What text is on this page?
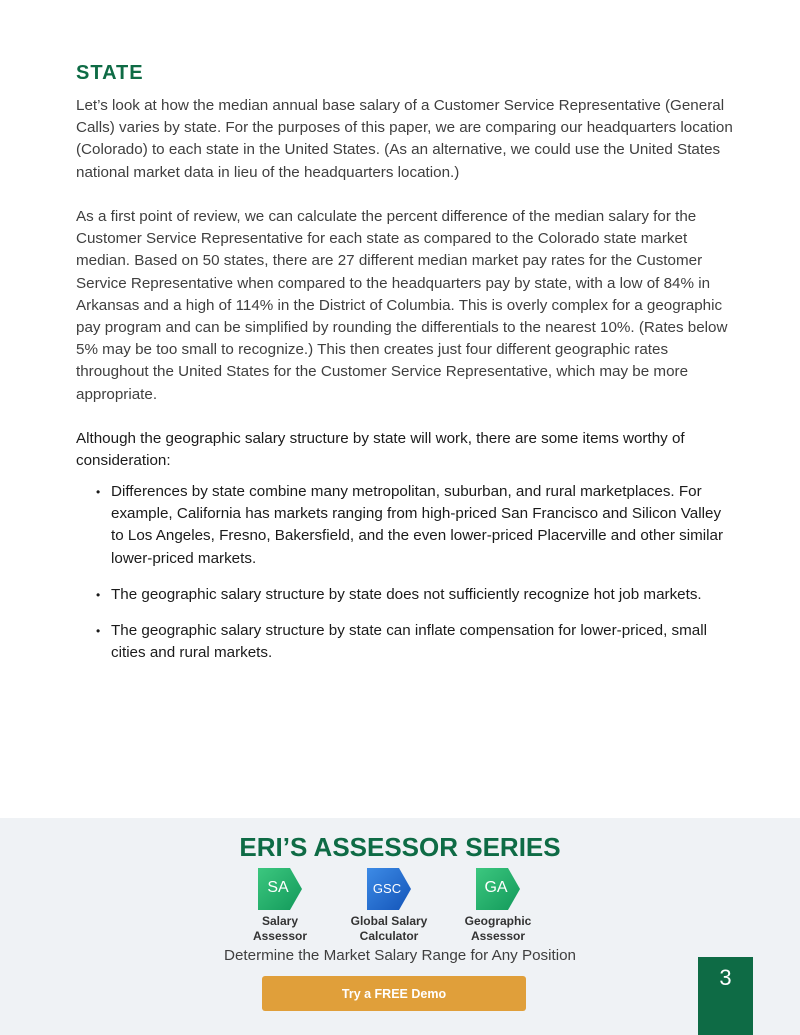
STATE
Let’s look at how the median annual base salary of a Customer Service Representative (General Calls) varies by state. For the purposes of this paper, we are comparing our headquarters location (Colorado) to each state in the United States. (As an alternative, we could use the United States national market data in lieu of the headquarters location.)
As a first point of review, we can calculate the percent difference of the median salary for the Customer Service Representative for each state as compared to the Colorado state market median. Based on 50 states, there are 27 different median market pay rates for the Customer Service Representative when compared to the headquarters pay by state, with a low of 84% in Arkansas and a high of 114% in the District of Columbia. This is overly complex for a geographic pay program and can be simplified by rounding the differentials to the nearest 10%. (Rates below 5% may be too small to recognize.) This then creates just four different geographic rates throughout the United States for the Customer Service Representative, which may be more appropriate.
Although the geographic salary structure by state will work, there are some items worthy of consideration:
• Differences by state combine many metropolitan, suburban, and rural marketplaces. For example, California has markets ranging from high-priced San Francisco and Silicon Valley to Los Angeles, Fresno, Bakersfield, and the even lower-priced Placerville and other similar lower-priced markets.
• The geographic salary structure by state does not sufficiently recognize hot job markets.
• The geographic salary structure by state can inflate compensation for lower-priced, small cities and rural markets.
ERI’S ASSESSOR SERIES
SA
Salary
Assessor
GSC
Global Salary
Calculator
GA
Geographic
Assessor
Determine the Market Salary Range for Any Position
Try a FREE Demo
3
